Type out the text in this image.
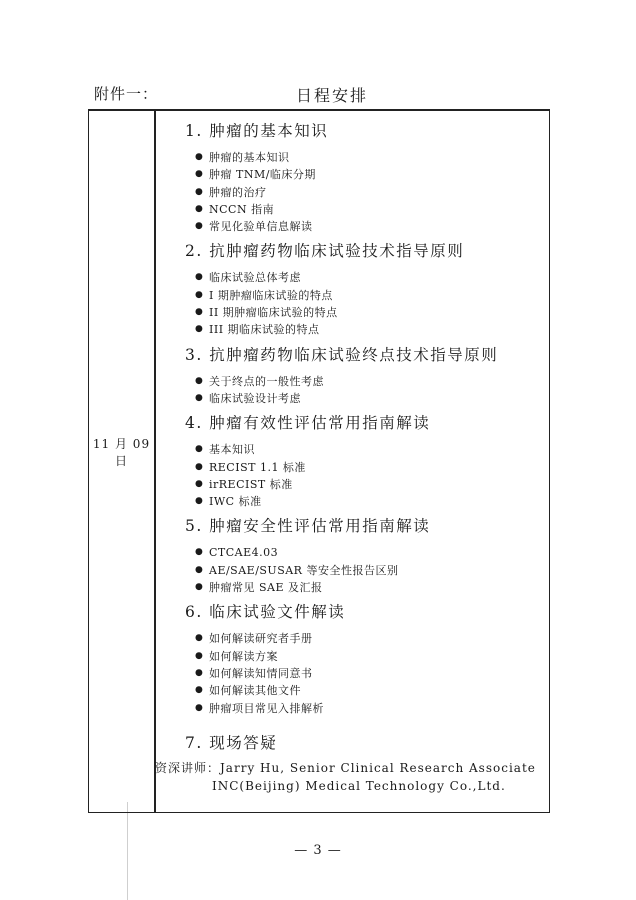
附件一：	日程安排
11 月 09 日
1. 肿瘤的基本知识
● 肿瘤的基本知识
● 肿瘤 TNM/临床分期
● 肿瘤的治疗
● NCCN 指南
● 常见化验单信息解读
2. 抗肿瘤药物临床试验技术指导原则
● 临床试验总体考虑
● I 期肿瘤临床试验的特点
● II 期肿瘤临床试验的特点
● III 期临床试验的特点
3. 抗肿瘤药物临床试验终点技术指导原则
● 关于终点的一般性考虑
● 临床试验设计考虑
4. 肿瘤有效性评估常用指南解读
● 基本知识
● RECIST 1.1 标准
● irRECIST 标准
● IWC 标准
5. 肿瘤安全性评估常用指南解读
● CTCAE4.03
● AE/SAE/SUSAR 等安全性报告区别
● 肿瘤常见 SAE 及汇报
6. 临床试验文件解读
● 如何解读研究者手册
● 如何解读方案
● 如何解读知情同意书
● 如何解读其他文件
● 肿瘤项目常见入排解析
7. 现场答疑
资深讲师：Jarry Hu, Senior Clinical Research Associate
INC(Beijing) Medical Technology Co.,Ltd.
— 3 —
